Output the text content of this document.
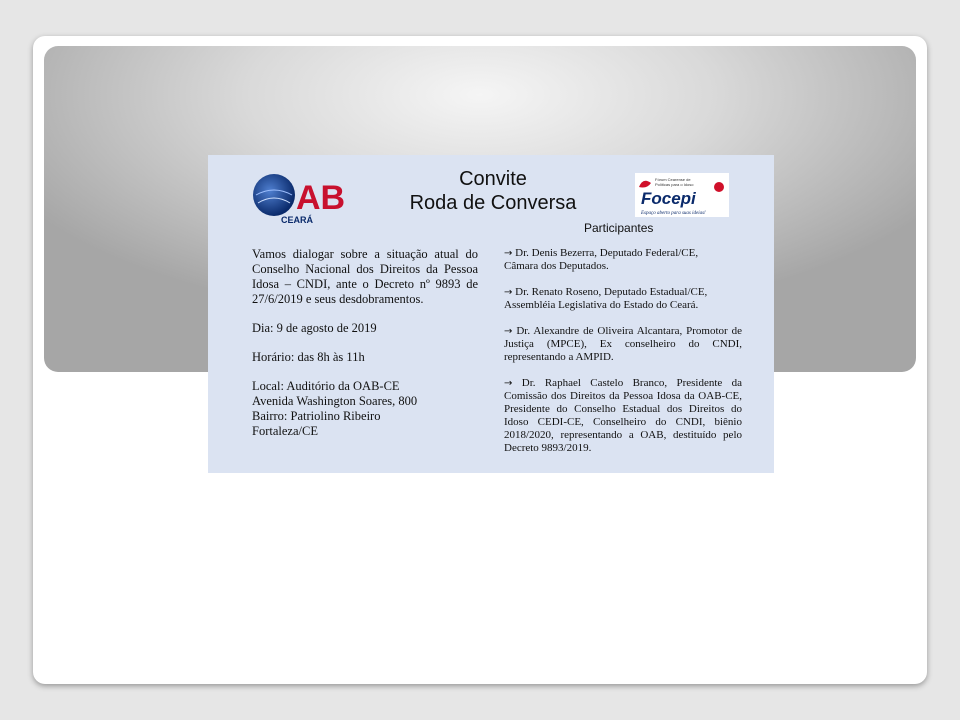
AB
CEARÁ
Convite
Roda de Conversa
Fórum Cearense de
Políticas para o Idoso
Focepi
Espaço aberto para suas ideias!
Participantes
Vamos dialogar sobre a situação atual do Conselho Nacional dos Direitos da Pessoa Idosa – CNDI, ante o Decreto nº 9893 de 27/6/2019 e seus desdobramentos.
Dia: 9 de agosto de 2019
Horário: das 8h às 11h
Local: Auditório da OAB-CE
Avenida Washington Soares, 800
Bairro: Patriolino Ribeiro
Fortaleza/CE
→ Dr. Denis Bezerra, Deputado Federal/CE,
Câmara dos Deputados.
→ Dr. Renato Roseno, Deputado Estadual/CE,
Assembléia Legislativa do Estado do Ceará.
→ Dr. Alexandre de Oliveira Alcantara, Promotor de Justiça (MPCE), Ex conselheiro do CNDI, representando a AMPID.
→ Dr. Raphael Castelo Branco, Presidente da Comissão dos Direitos da Pessoa Idosa da OAB-CE, Presidente do Conselho Estadual dos Direitos do Idoso CEDI-CE, Conselheiro do CNDI, biênio 2018/2020, representando a OAB, destituído pelo Decreto 9893/2019.
